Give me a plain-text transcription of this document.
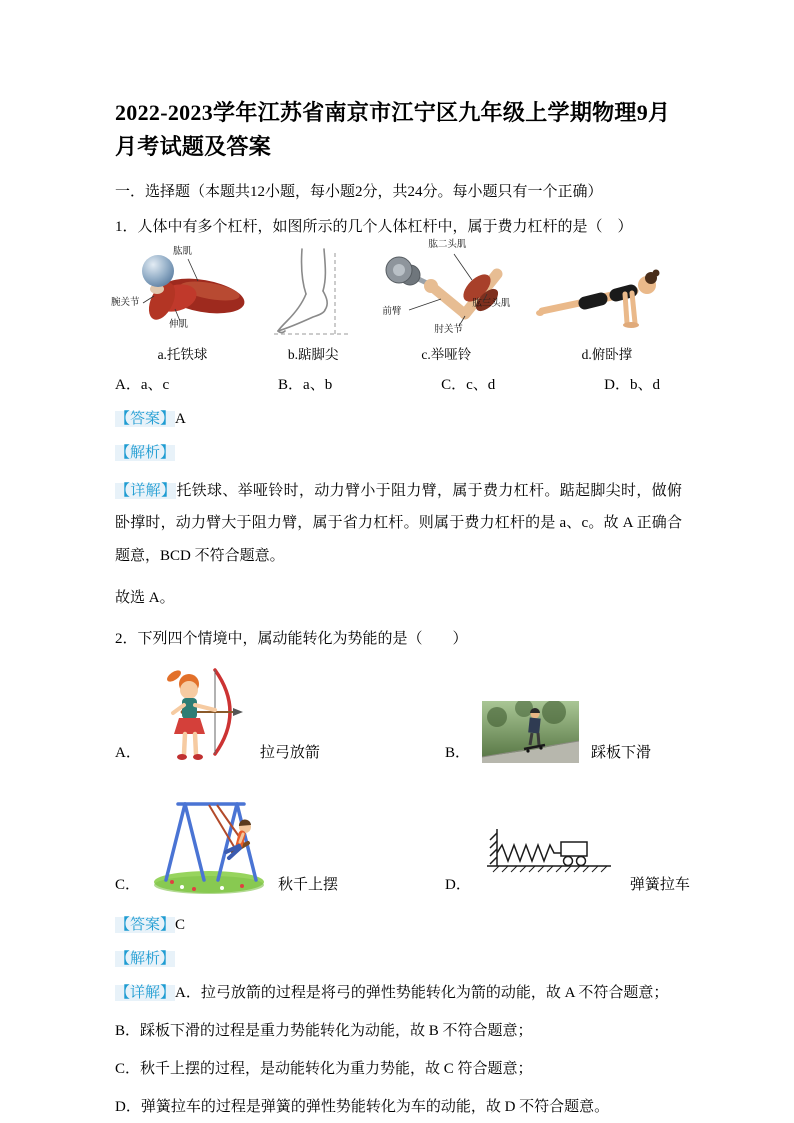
2022-2023学年江苏省南京市江宁区九年级上学期物理9月月考试题及答案

一．选择题（本题共12小题，每小题2分，共24分。每小题只有一个正确）

1．人体中有多个杠杆，如图所示的几个人体杠杆中，属于费力杠杆的是（　）

肱肌
腕关节
伸肌
a.托铁球	b.踮脚尖
肱二头肌
肱三头肌
前臂
肘关节
c.举哑铃	d.俯卧撑
A．a、c	B．a、b	C．c、d	D．b、d

【答案】A

【解析】

【详解】托铁球、举哑铃时，动力臂小于阻力臂，属于费力杠杆。踮起脚尖时，做俯卧撑时，动力臂大于阻力臂，属于省力杠杆。则属于费力杠杆的是 a、c。故 A 正确合题意，BCD 不符合题意。

故选 A。

2．下列四个情境中，属动能转化为势能的是（　　）

A．	拉弓放箭	B．	踩板下滑
C．	秋千上摆	D．	弹簧拉车

【答案】C

【解析】

【详解】A．拉弓放箭的过程是将弓的弹性势能转化为箭的动能，故 A 不符合题意；

B．踩板下滑的过程是重力势能转化为动能，故 B 不符合题意；

C．秋千上摆的过程，是动能转化为重力势能，故 C 符合题意；

D．弹簧拉车的过程是弹簧的弹性势能转化为车的动能，故 D 不符合题意。
